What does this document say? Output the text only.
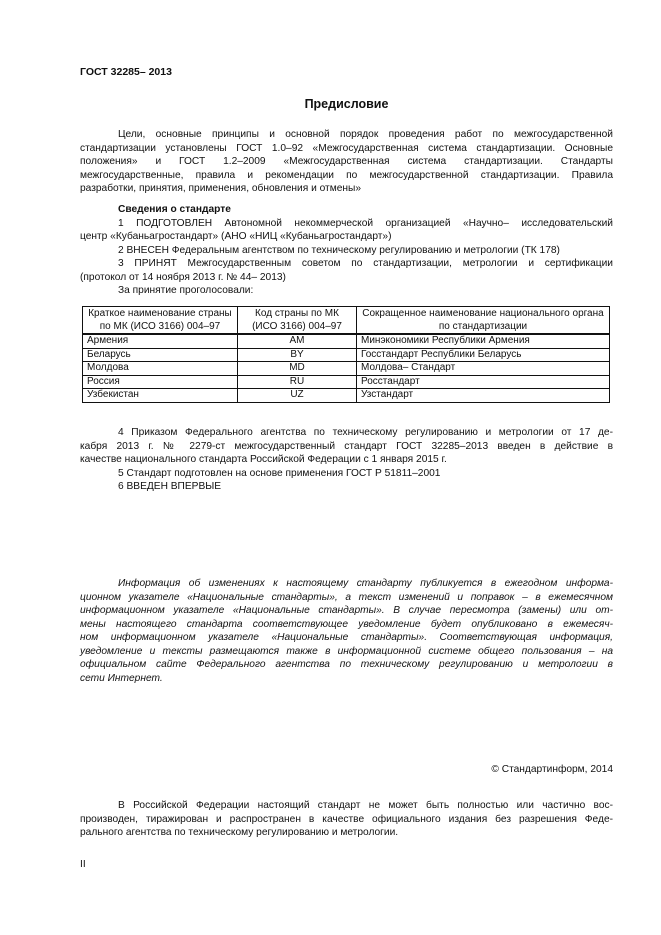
ГОСТ 32285– 2013
Предисловие
Цели, основные принципы и основной порядок проведения работ по межгосударственной
стандартизации установлены ГОСТ 1.0–92 «Межгосударственная система стандартизации. Основные
положения» и ГОСТ 1.2–2009 «Межгосударственная система стандартизации. Стандарты
межгосударственные, правила и рекомендации по межгосударственной стандартизации. Правила
разработки, принятия, применения, обновления и отмены»
Сведения о стандарте
1 ПОДГОТОВЛЕН Автономной некоммерческой организацией «Научно– исследовательский
центр «Кубаньагростандарт» (АНО «НИЦ «Кубаньагростандарт»)
2 ВНЕСЕН Федеральным агентством по техническому регулированию и метрологии (ТК 178)
3 ПРИНЯТ Межгосударственным советом по стандартизации, метрологии и сертификации
(протокол от 14 ноября 2013 г. № 44– 2013)
За принятие проголосовали:
Краткое наименование страны по МК (ИСО 3166) 004–97	Код страны по МК (ИСО 3166) 004–97	Сокращенное наименование национального органа по стандартизации
Армения	AM	Минэкономики Республики Армения
Беларусь	BY	Госстандарт Республики Беларусь
Молдова	MD	Молдова– Стандарт
Россия	RU	Росстандарт
Узбекистан	UZ	Узстандарт
4 Приказом Федерального агентства по техническому регулированию и метрологии от 17 де-
кабря 2013 г. № 2279-ст межгосударственный стандарт ГОСТ 32285–2013 введен в действие в
качестве национального стандарта Российской Федерации с 1 января 2015 г.
5 Стандарт подготовлен на основе применения ГОСТ Р 51811–2001
6 ВВЕДЕН ВПЕРВЫЕ
Информация об изменениях к настоящему стандарту публикуется в ежегодном информа-
ционном указателе «Национальные стандарты», а текст изменений и поправок – в ежемесячном
информационном указателе «Национальные стандарты». В случае пересмотра (замены) или от-
мены настоящего стандарта соответствующее уведомление будет опубликовано в ежемесяч-
ном информационном указателе «Национальные стандарты». Соответствующая информация,
уведомление и тексты размещаются также в информационной системе общего пользования – на
официальном сайте Федерального агентства по техническому регулированию и метрологии в
сети Интернет.
© Стандартинформ, 2014
В Российской Федерации настоящий стандарт не может быть полностью или частично вос-
производен, тиражирован и распространен в качестве официального издания без разрешения Феде-
рального агентства по техническому регулированию и метрологии.
II
